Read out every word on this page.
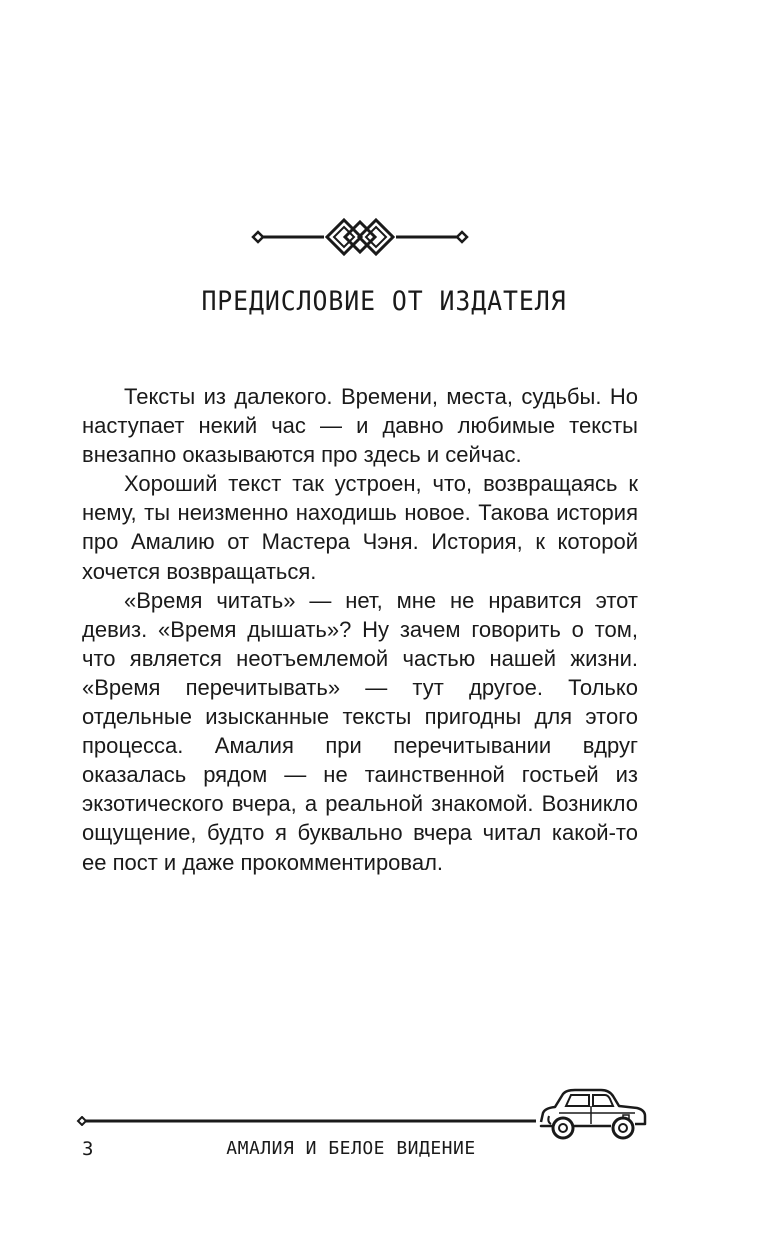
ПРЕДИСЛОВИЕ ОТ ИЗДАТЕЛЯ

Тексты из далекого. Времени, места, судьбы. Но наступает некий час — и давно любимые тексты внезапно оказываются про здесь и сейчас.

Хороший текст так устроен, что, возвращаясь к нему, ты неизменно находишь новое. Такова история про Амалию от Мастера Чэня. История, к которой хочется возвращаться.

«Время читать» — нет, мне не нравится этот девиз. «Время дышать»? Ну зачем говорить о том, что является неотъемлемой частью нашей жизни. «Время перечитывать» — тут другое. Только отдельные изысканные тексты пригодны для этого процесса. Амалия при перечитывании вдруг оказалась рядом — не таинственной гостьей из экзотического вчера, а реальной знакомой. Возникло ощущение, будто я буквально вчера читал какой-то ее пост и даже прокомментировал.

3	АМАЛИЯ И БЕЛОЕ ВИДЕНИЕ
